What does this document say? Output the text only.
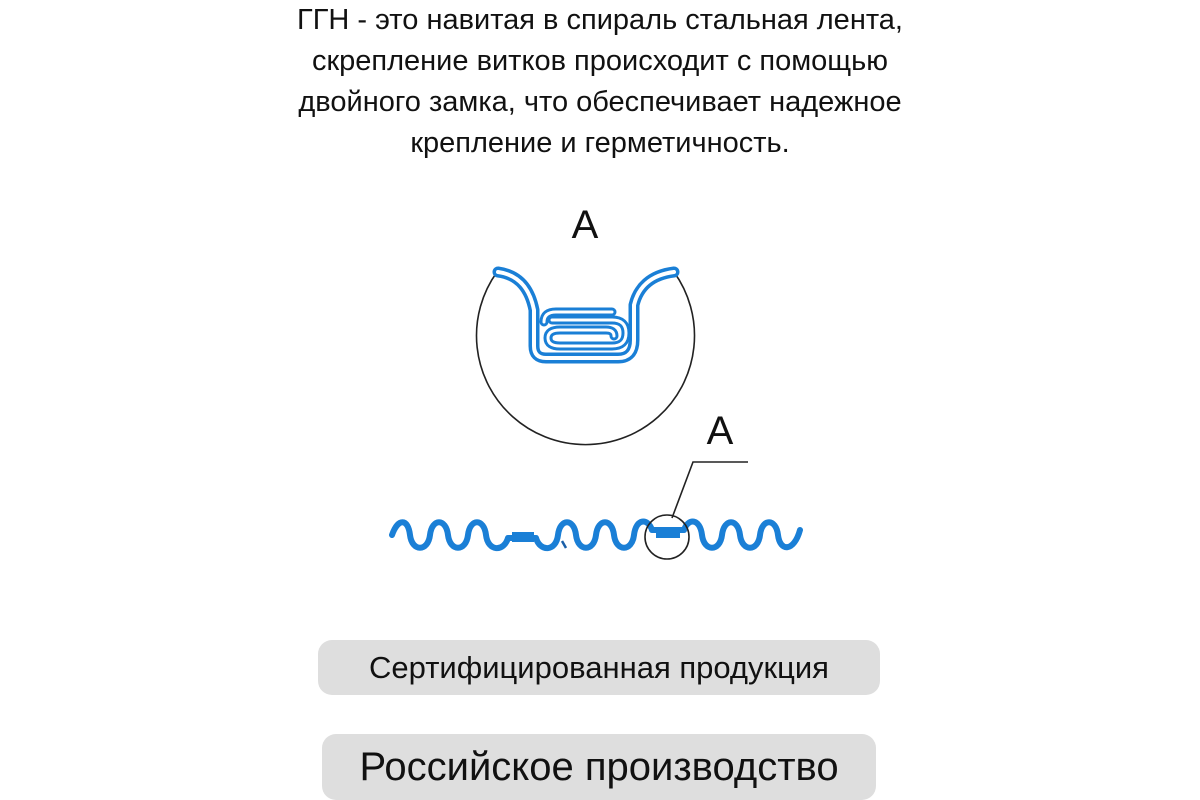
ГГН - это навитая в спираль стальная лента,
скрепление витков происходит с помощью
двойного замка, что обеспечивает надежное
крепление и герметичность.
А
А
Сертифицированная продукция
Российское производство
